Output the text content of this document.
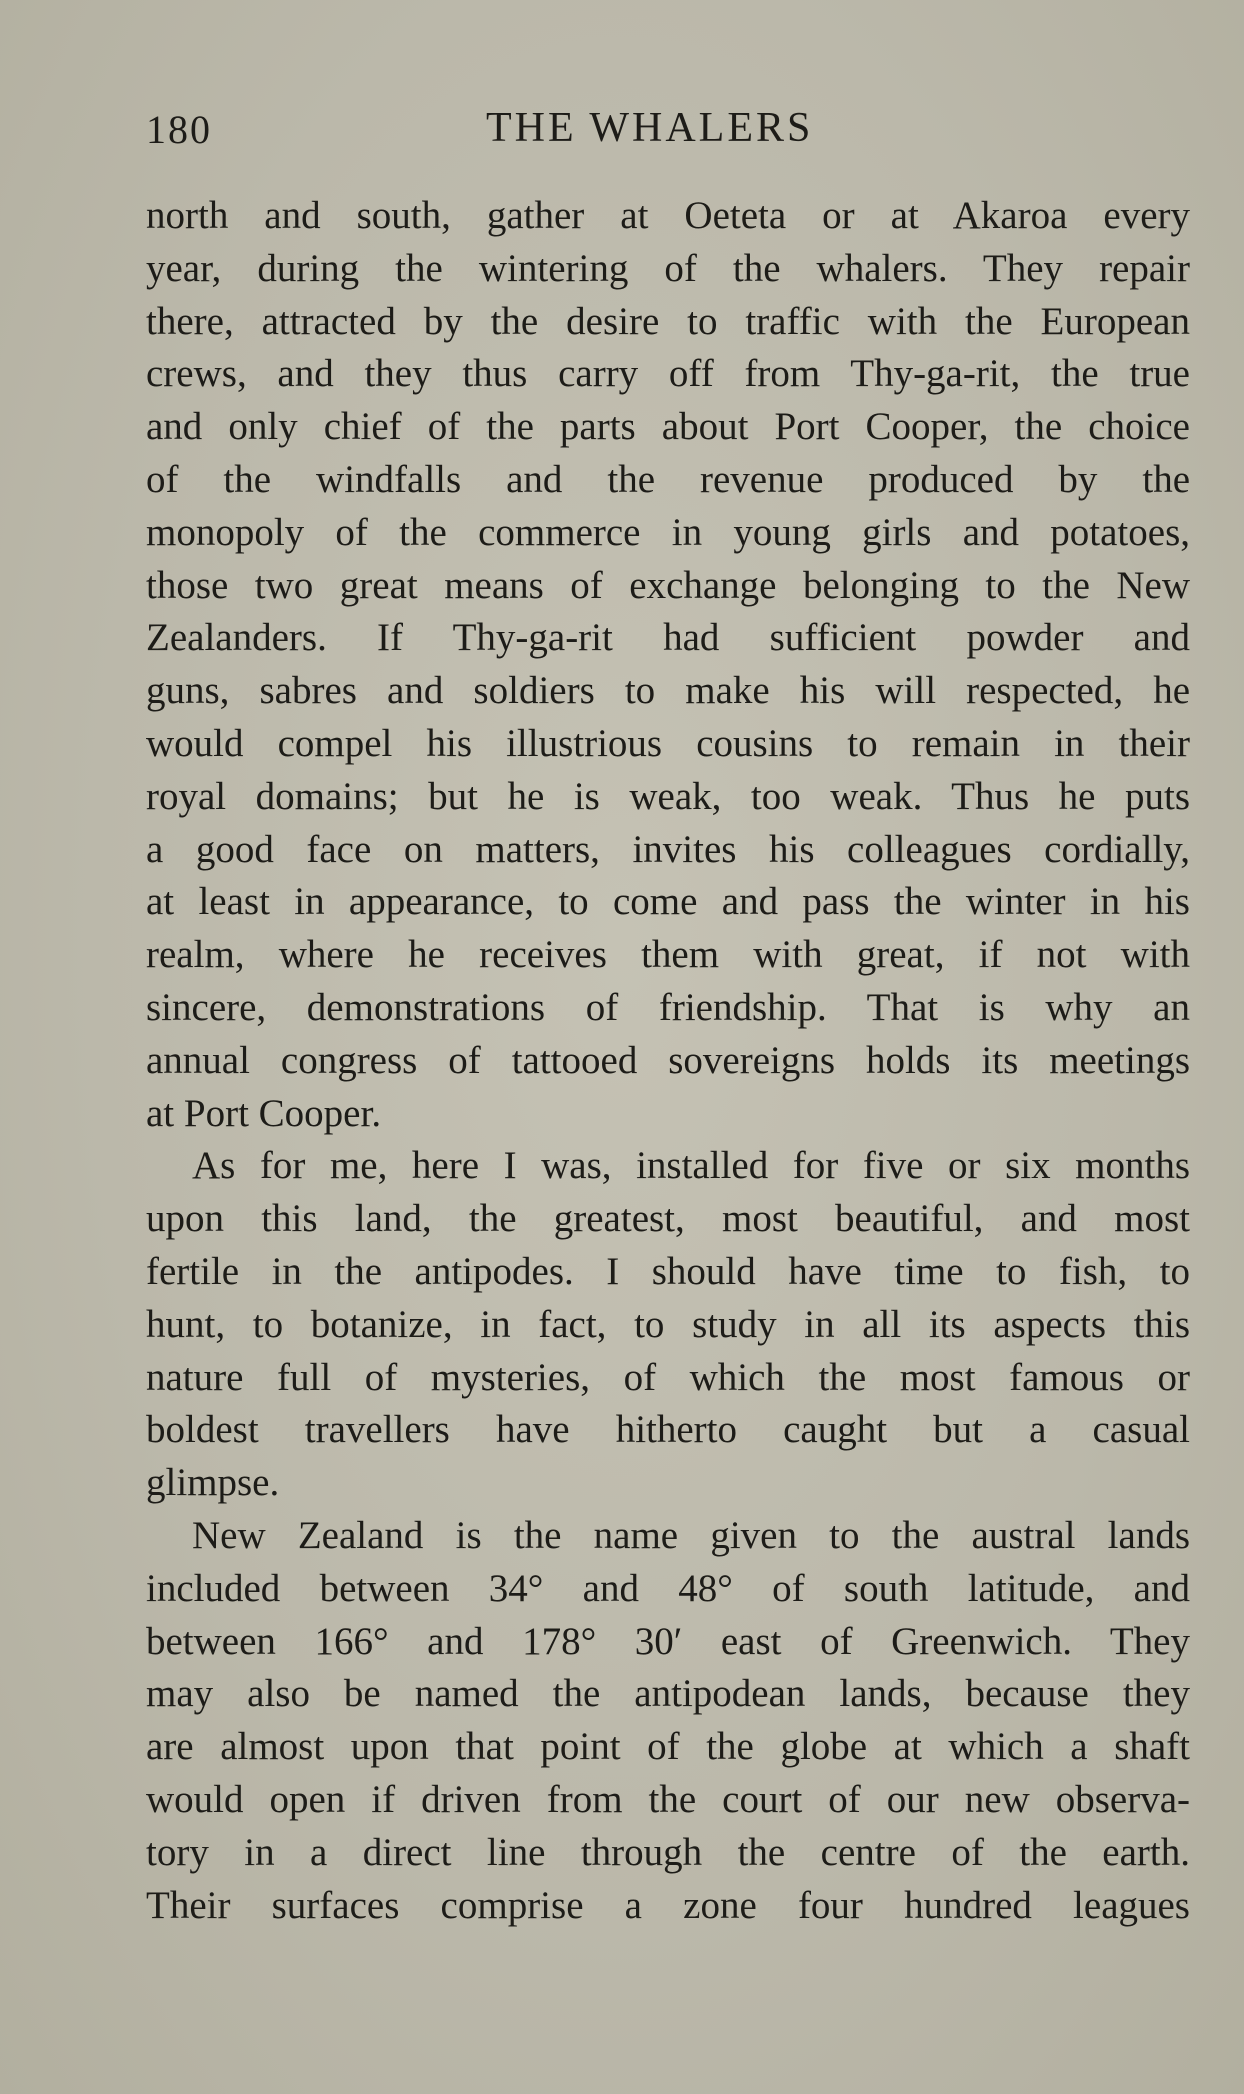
180	THE WHALERS
north and south, gather at Oeteta or at Akaroa every
year, during the wintering of the whalers. They repair
there, attracted by the desire to traffic with the European
crews, and they thus carry off from Thy-ga-rit, the true
and only chief of the parts about Port Cooper, the choice
of the windfalls and the revenue produced by the
monopoly of the commerce in young girls and potatoes,
those two great means of exchange belonging to the New
Zealanders. If Thy-ga-rit had sufficient powder and
guns, sabres and soldiers to make his will respected, he
would compel his illustrious cousins to remain in their
royal domains; but he is weak, too weak. Thus he puts
a good face on matters, invites his colleagues cordially,
at least in appearance, to come and pass the winter in his
realm, where he receives them with great, if not with
sincere, demonstrations of friendship. That is why an
annual congress of tattooed sovereigns holds its meetings
at Port Cooper.
As for me, here I was, installed for five or six months
upon this land, the greatest, most beautiful, and most
fertile in the antipodes. I should have time to fish, to
hunt, to botanize, in fact, to study in all its aspects this
nature full of mysteries, of which the most famous or
boldest travellers have hitherto caught but a casual
glimpse.
New Zealand is the name given to the austral lands
included between 34° and 48° of south latitude, and
between 166° and 178° 30′ east of Greenwich. They
may also be named the antipodean lands, because they
are almost upon that point of the globe at which a shaft
would open if driven from the court of our new observa-
tory in a direct line through the centre of the earth.
Their surfaces comprise a zone four hundred leagues
